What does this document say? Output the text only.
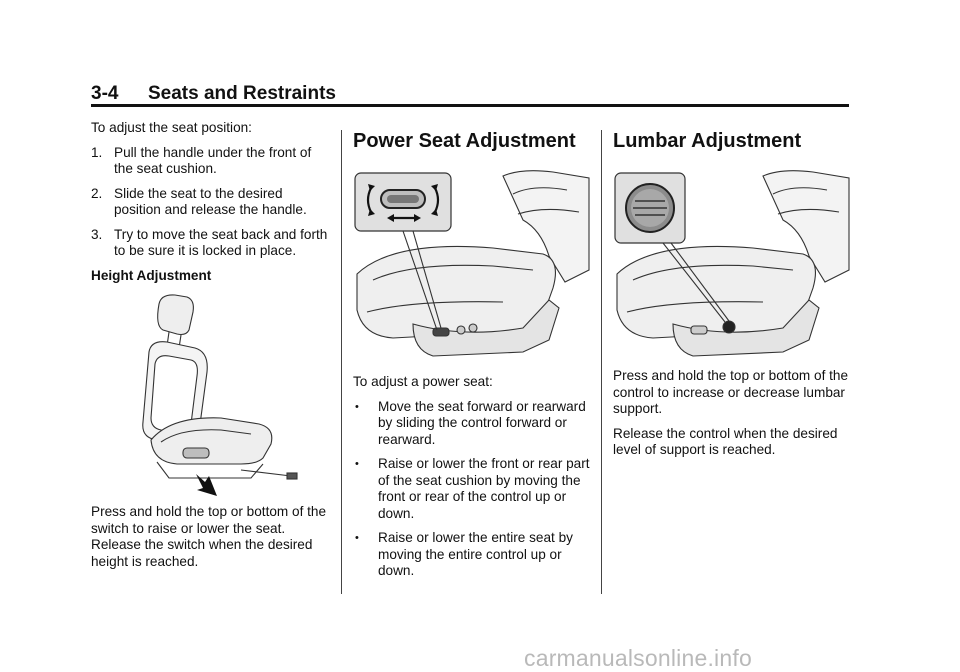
3-4 Seats and Restraints

To adjust the seat position:

1. Pull the handle under the front of the seat cushion.
2. Slide the seat to the desired position and release the handle.
3. Try to move the seat back and forth to be sure it is locked in place.

Height Adjustment

Press and hold the top or bottom of the switch to raise or lower the seat. Release the switch when the desired height is reached.

Power Seat Adjustment

To adjust a power seat:

•	Move the seat forward or rearward by sliding the control forward or rearward.
•	Raise or lower the front or rear part of the seat cushion by moving the front or rear of the control up or down.
•	Raise or lower the entire seat by moving the entire control up or down.
Lumbar Adjustment

Press and hold the top or bottom of the control to increase or decrease lumbar support.

Release the control when the desired level of support is reached.

carmanualsonline.info
